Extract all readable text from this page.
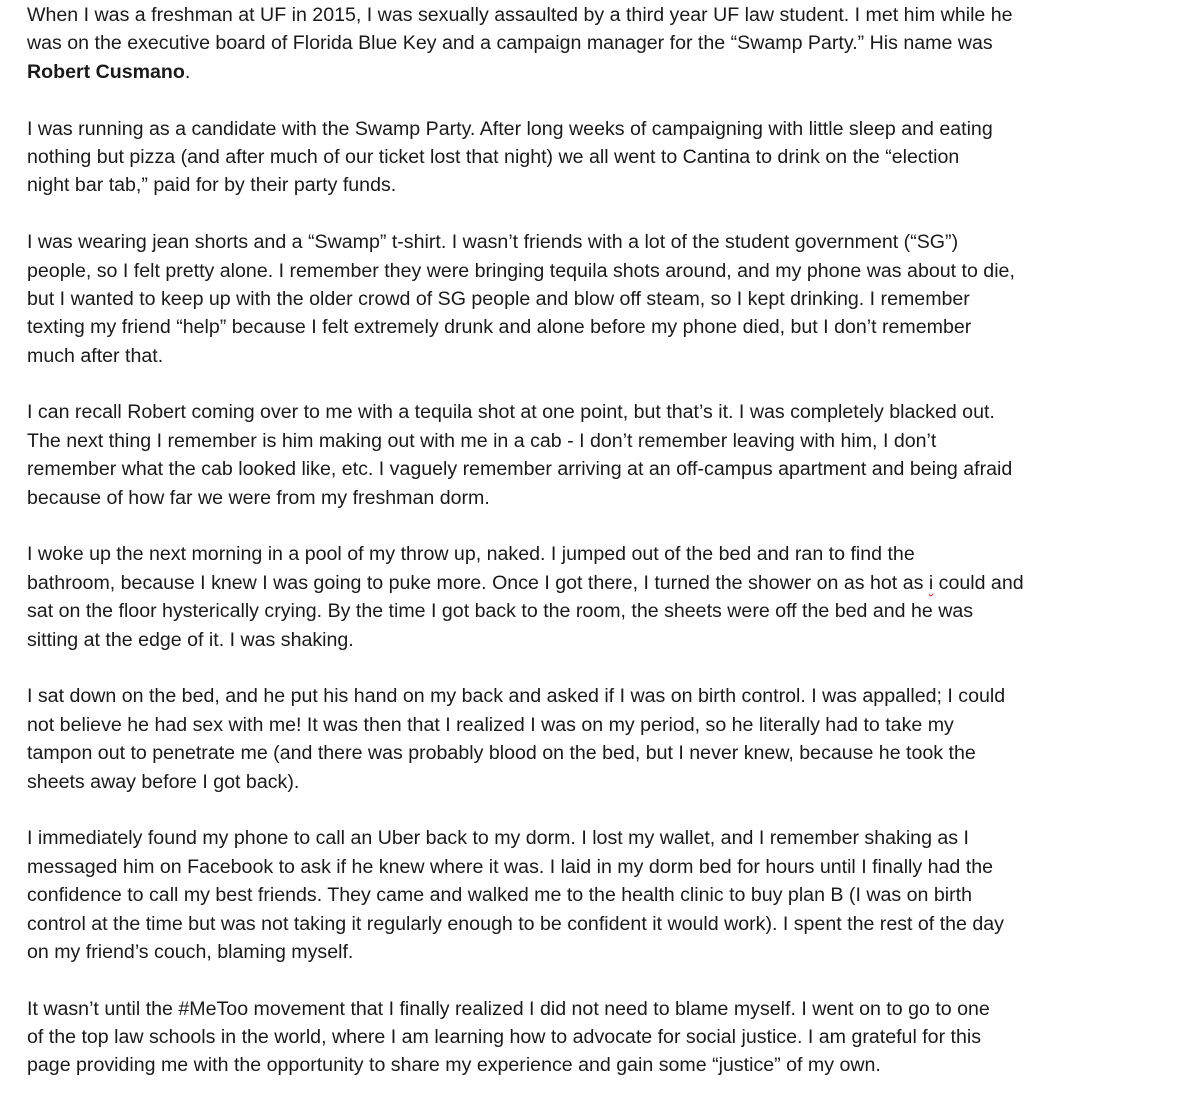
When I was a freshman at UF in 2015, I was sexually assaulted by a third year UF law student. I met him while he
was on the executive board of Florida Blue Key and a campaign manager for the “Swamp Party.” His name was
Robert Cusmano.
I was running as a candidate with the Swamp Party. After long weeks of campaigning with little sleep and eating
nothing but pizza (and after much of our ticket lost that night) we all went to Cantina to drink on the “election
night bar tab,” paid for by their party funds.
I was wearing jean shorts and a “Swamp” t-shirt. I wasn’t friends with a lot of the student government (“SG”)
people, so I felt pretty alone. I remember they were bringing tequila shots around, and my phone was about to die,
but I wanted to keep up with the older crowd of SG people and blow off steam, so I kept drinking. I remember
texting my friend “help” because I felt extremely drunk and alone before my phone died, but I don’t remember
much after that.
I can recall Robert coming over to me with a tequila shot at one point, but that’s it. I was completely blacked out.
The next thing I remember is him making out with me in a cab - I don’t remember leaving with him, I don’t
remember what the cab looked like, etc. I vaguely remember arriving at an off-campus apartment and being afraid
because of how far we were from my freshman dorm.
I woke up the next morning in a pool of my throw up, naked. I jumped out of the bed and ran to find the
bathroom, because I knew I was going to puke more. Once I got there, I turned the shower on as hot as i could and
sat on the floor hysterically crying. By the time I got back to the room, the sheets were off the bed and he was
sitting at the edge of it. I was shaking.
I sat down on the bed, and he put his hand on my back and asked if I was on birth control. I was appalled; I could
not believe he had sex with me! It was then that I realized I was on my period, so he literally had to take my
tampon out to penetrate me (and there was probably blood on the bed, but I never knew, because he took the
sheets away before I got back).
I immediately found my phone to call an Uber back to my dorm. I lost my wallet, and I remember shaking as I
messaged him on Facebook to ask if he knew where it was. I laid in my dorm bed for hours until I finally had the
confidence to call my best friends. They came and walked me to the health clinic to buy plan B (I was on birth
control at the time but was not taking it regularly enough to be confident it would work). I spent the rest of the day
on my friend’s couch, blaming myself.
It wasn’t until the #MeToo movement that I finally realized I did not need to blame myself. I went on to go to one
of the top law schools in the world, where I am learning how to advocate for social justice. I am grateful for this
page providing me with the opportunity to share my experience and gain some “justice” of my own.
